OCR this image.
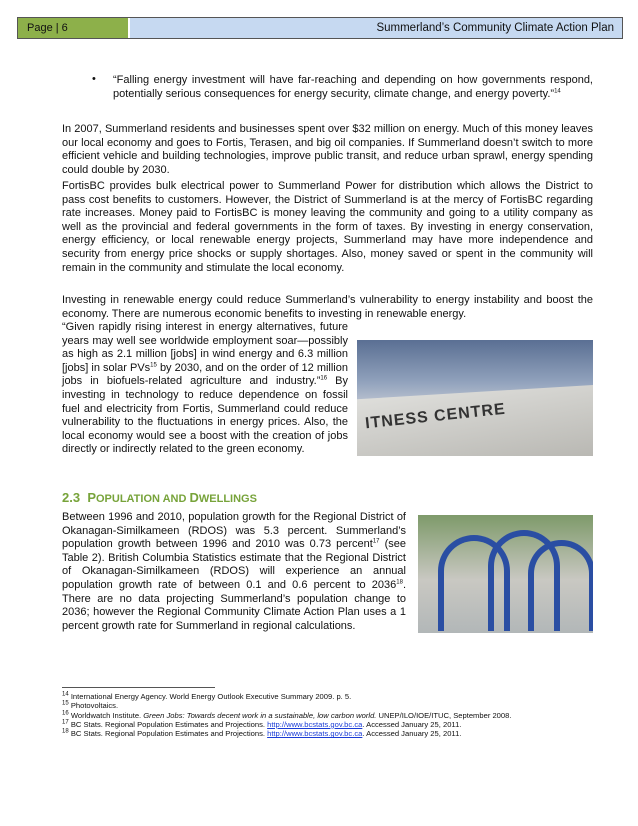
Page | 6	Summerland’s Community Climate Action Plan
• “Falling energy investment will have far-reaching and depending on how governments respond, potentially serious consequences for energy security, climate change, and energy poverty.”$^{14}$
In 2007, Summerland residents and businesses spent over $32 million on energy. Much of this money leaves our local economy and goes to Fortis, Terasen, and big oil companies. If Summerland doesn’t switch to more efficient vehicle and building technologies, improve public transit, and reduce urban sprawl, energy spending could double by 2030.
FortisBC provides bulk electrical power to Summerland Power for distribution which allows the District to pass cost benefits to customers. However, the District of Summerland is at the mercy of FortisBC regarding rate increases. Money paid to FortisBC is money leaving the community and going to a utility company as well as the provincial and federal governments in the form of taxes. By investing in energy conservation, energy efficiency, or local renewable energy projects, Summerland may have more independence and security from energy price shocks or supply shortages. Also, money saved or spent in the community will remain in the community and stimulate the local economy.
Investing in renewable energy could reduce Summerland’s vulnerability to energy instability and boost the economy. There are numerous economic benefits to investing in renewable energy.
“Given rapidly rising interest in energy alternatives, future years may well see worldwide employment soar—possibly as high as 2.1 million [jobs] in wind energy and 6.3 million [jobs] in solar PVs$^{15}$ by 2030, and on the order of 12 million jobs in biofuels-related agriculture and industry.”$^{16}$ By investing in technology to reduce dependence on fossil fuel and electricity from Fortis, Summerland could reduce vulnerability to the fluctuations in energy prices. Also, the local economy would see a boost with the creation of jobs directly or indirectly related to the green economy.
ITNESS CENTRE
2.3 POPULATION AND DWELLINGS
Between 1996 and 2010, population growth for the Regional District of Okanagan-Similkameen (RDOS) was 5.3 percent. Summerland’s population growth between 1996 and 2010 was 0.73 percent$^{17}$ (see Table 2). British Columbia Statistics estimate that the Regional District of Okanagan-Similkameen (RDOS) will experience an annual population growth rate of between 0.1 and 0.6 percent to 2036$^{18}$. There are no data projecting Summerland’s population change to 2036; however the Regional Community Climate Action Plan uses a 1 percent growth rate for Summerland in regional calculations.
$^{14}$ International Energy Agency. World Energy Outlook Executive Summary 2009. p. 5.
$^{15}$ Photovoltaics.
$^{16}$ Worldwatch Institute. Green Jobs: Towards decent work in a sustainable, low carbon world. UNEP/ILO/IOE/ITUC, September 2008.
$^{17}$ BC Stats. Regional Population Estimates and Projections. http://www.bcstats.gov.bc.ca. Accessed January 25, 2011.
$^{18}$ BC Stats. Regional Population Estimates and Projections. http://www.bcstats.gov.bc.ca. Accessed January 25, 2011.
